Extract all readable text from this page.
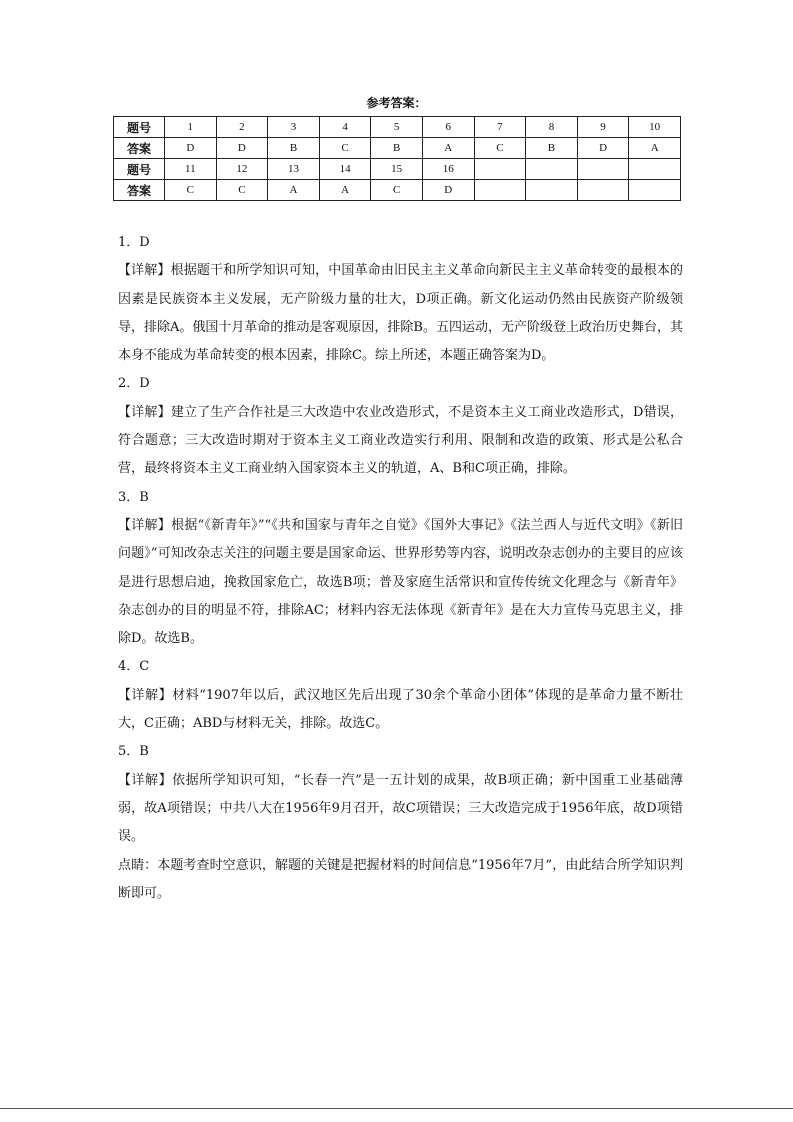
参考答案：
题号	1	2	3	4	5	6	7	8	9	10
答案	D	D	B	C	B	A	C	B	D	A
题号	11	12	13	14	15	16				
答案	C	C	A	A	C	D				

1．D

【详解】根据题干和所学知识可知，中国革命由旧民主主义革命向新民主主义革命转变的最根本的因素是民族资本主义发展，无产阶级力量的壮大，D项正确。新文化运动仍然由民族资产阶级领导，排除A。俄国十月革命的推动是客观原因，排除B。五四运动，无产阶级登上政治历史舞台，其本身不能成为革命转变的根本因素，排除C。综上所述，本题正确答案为D。

2．D

【详解】建立了生产合作社是三大改造中农业改造形式，不是资本主义工商业改造形式，D错误，符合题意；三大改造时期对于资本主义工商业改造实行利用、限制和改造的政策、形式是公私合营，最终将资本主义工商业纳入国家资本主义的轨道，A、B和C项正确，排除。

3．B

【详解】根据“《新青年》”“《共和国家与青年之自觉》《国外大事记》《法兰西人与近代文明》《新旧问题》”可知改杂志关注的问题主要是国家命运、世界形势等内容，说明改杂志创办的主要目的应该是进行思想启迪，挽救国家危亡，故选B项；普及家庭生活常识和宣传传统文化理念与《新青年》杂志创办的目的明显不符，排除AC；材料内容无法体现《新青年》是在大力宣传马克思主义，排除D。故选B。

4．C

【详解】材料“1907年以后，武汉地区先后出现了30余个革命小团体”体现的是革命力量不断壮大，C正确；ABD与材料无关，排除。故选C。

5．B

【详解】依据所学知识可知，“长春一汽”是一五计划的成果，故B项正确；新中国重工业基础薄弱，故A项错误；中共八大在1956年9月召开，故C项错误；三大改造完成于1956年底，故D项错误。

点睛：本题考查时空意识，解题的关键是把握材料的时间信息“1956年7月”，由此结合所学知识判断即可。
